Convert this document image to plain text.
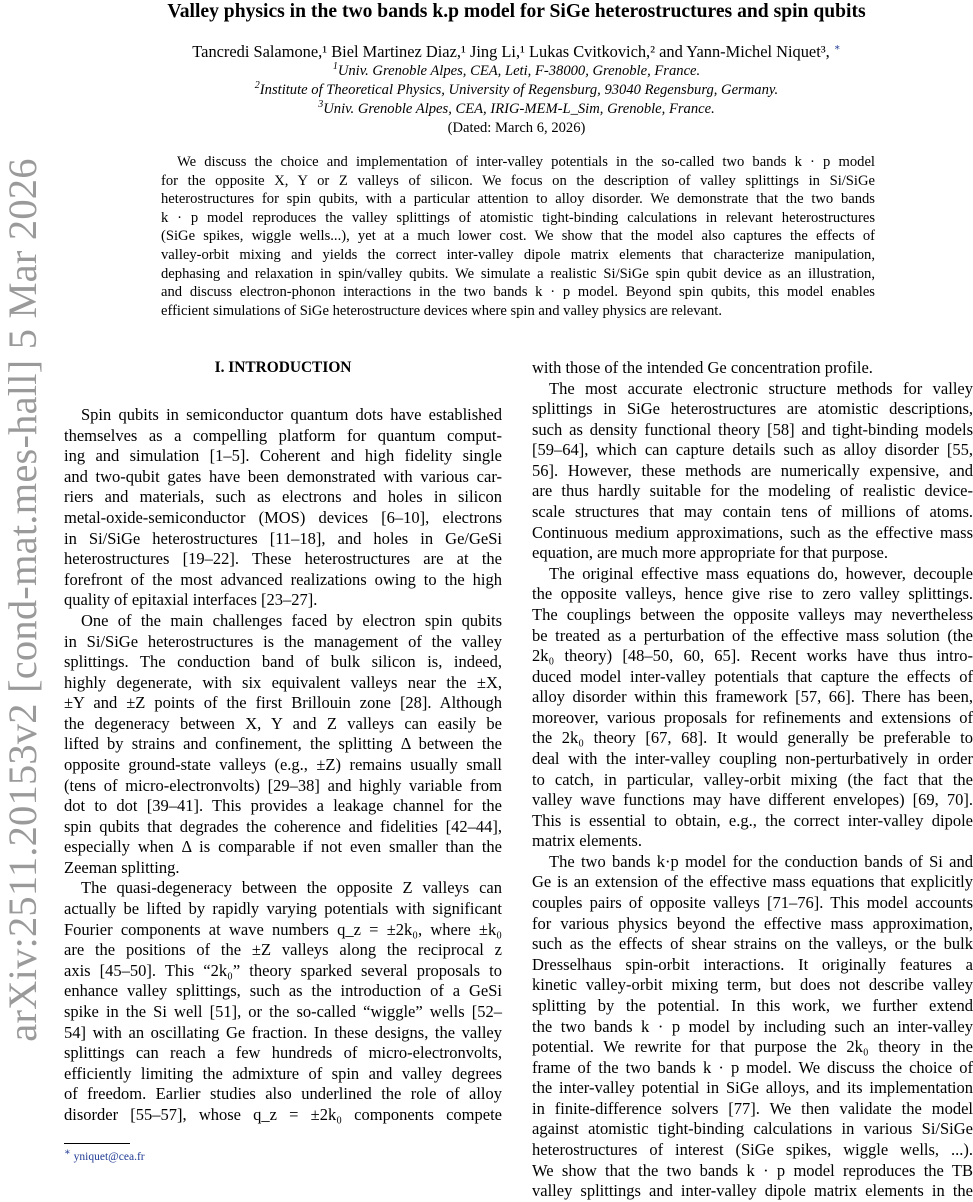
arXiv:2511.20153v2 [cond-mat.mes-hall] 5 Mar 2026
Valley physics in the two bands k.p model for SiGe heterostructures and spin qubits
Tancredi Salamone,¹ Biel Martinez Diaz,¹ Jing Li,¹ Lukas Cvitkovich,² and Yann-Michel Niquet³, ∗
$^1$Univ. Grenoble Alpes, CEA, Leti, F-38000, Grenoble, France.
$^2$Institute of Theoretical Physics, University of Regensburg, 93040 Regensburg, Germany.
$^3$Univ. Grenoble Alpes, CEA, IRIG-MEM-L_Sim, Grenoble, France.
(Dated: March 6, 2026)
We discuss the choice and implementation of inter-valley potentials in the so-called two bands k · p model
for the opposite X, Y or Z valleys of silicon. We focus on the description of valley splittings in Si/SiGe
heterostructures for spin qubits, with a particular attention to alloy disorder. We demonstrate that the two bands
k · p model reproduces the valley splittings of atomistic tight-binding calculations in relevant heterostructures
(SiGe spikes, wiggle wells...), yet at a much lower cost. We show that the model also captures the effects of
valley-orbit mixing and yields the correct inter-valley dipole matrix elements that characterize manipulation,
dephasing and relaxation in spin/valley qubits. We simulate a realistic Si/SiGe spin qubit device as an illustration,
and discuss electron-phonon interactions in the two bands k · p model. Beyond spin qubits, this model enables
efficient simulations of SiGe heterostructure devices where spin and valley physics are relevant.
I. INTRODUCTION
Spin qubits in semiconductor quantum dots have established
themselves as a compelling platform for quantum comput-
ing and simulation [1–5]. Coherent and high fidelity single
and two-qubit gates have been demonstrated with various car-
riers and materials, such as electrons and holes in silicon
metal-oxide-semiconductor (MOS) devices [6–10], electrons
in Si/SiGe heterostructures [11–18], and holes in Ge/GeSi
heterostructures [19–22]. These heterostructures are at the
forefront of the most advanced realizations owing to the high
quality of epitaxial interfaces [23–27].
One of the main challenges faced by electron spin qubits
in Si/SiGe heterostructures is the management of the valley
splittings. The conduction band of bulk silicon is, indeed,
highly degenerate, with six equivalent valleys near the ±X,
±Y and ±Z points of the first Brillouin zone [28]. Although
the degeneracy between X, Y and Z valleys can easily be
lifted by strains and confinement, the splitting Δ between the
opposite ground-state valleys (e.g., ±Z) remains usually small
(tens of micro-electronvolts) [29–38] and highly variable from
dot to dot [39–41]. This provides a leakage channel for the
spin qubits that degrades the coherence and fidelities [42–44],
especially when Δ is comparable if not even smaller than the
Zeeman splitting.
The quasi-degeneracy between the opposite Z valleys can
actually be lifted by rapidly varying potentials with significant
Fourier components at wave numbers q_z = ±2k₀, where ±k₀
are the positions of the ±Z valleys along the reciprocal z
axis [45–50]. This “2k₀” theory sparked several proposals to
enhance valley splittings, such as the introduction of a GeSi
spike in the Si well [51], or the so-called “wiggle” wells [52–
54] with an oscillating Ge fraction. In these designs, the valley
splittings can reach a few hundreds of micro-electronvolts,
efficiently limiting the admixture of spin and valley degrees
of freedom. Earlier studies also underlined the role of alloy
disorder [55–57], whose q_z = ±2k₀ components compete
with those of the intended Ge concentration profile.
The most accurate electronic structure methods for valley
splittings in SiGe heterostructures are atomistic descriptions,
such as density functional theory [58] and tight-binding models
[59–64], which can capture details such as alloy disorder [55,
56]. However, these methods are numerically expensive, and
are thus hardly suitable for the modeling of realistic device-
scale structures that may contain tens of millions of atoms.
Continuous medium approximations, such as the effective mass
equation, are much more appropriate for that purpose.
The original effective mass equations do, however, decouple
the opposite valleys, hence give rise to zero valley splittings.
The couplings between the opposite valleys may nevertheless
be treated as a perturbation of the effective mass solution (the
2k₀ theory) [48–50, 60, 65]. Recent works have thus intro-
duced model inter-valley potentials that capture the effects of
alloy disorder within this framework [57, 66]. There has been,
moreover, various proposals for refinements and extensions of
the 2k₀ theory [67, 68]. It would generally be preferable to
deal with the inter-valley coupling non-perturbatively in order
to catch, in particular, valley-orbit mixing (the fact that the
valley wave functions may have different envelopes) [69, 70].
This is essential to obtain, e.g., the correct inter-valley dipole
matrix elements.
The two bands k·p model for the conduction bands of Si and
Ge is an extension of the effective mass equations that explicitly
couples pairs of opposite valleys [71–76]. This model accounts
for various physics beyond the effective mass approximation,
such as the effects of shear strains on the valleys, or the bulk
Dresselhaus spin-orbit interactions. It originally features a
kinetic valley-orbit mixing term, but does not describe valley
splitting by the potential. In this work, we further extend
the two bands k · p model by including such an inter-valley
potential. We rewrite for that purpose the 2k₀ theory in the
frame of the two bands k · p model. We discuss the choice of
the inter-valley potential in SiGe alloys, and its implementation
in finite-difference solvers [77]. We then validate the model
against atomistic tight-binding calculations in various Si/SiGe
heterostructures of interest (SiGe spikes, wiggle wells, ...).
We show that the two bands k · p model reproduces the TB
valley splittings and inter-valley dipole matrix elements in the
∗ yniquet@cea.fr
